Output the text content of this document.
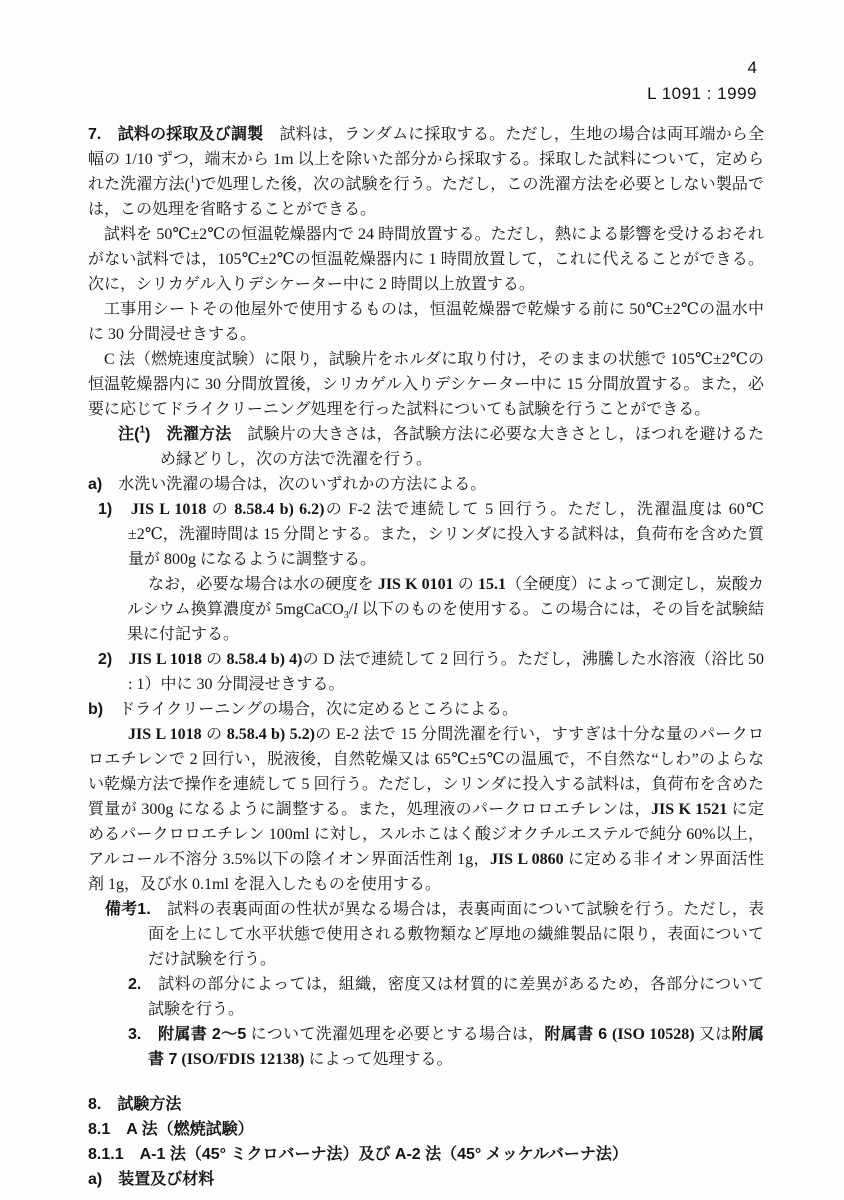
4
L 1091 : 1999

7.　試料の採取及び調製　試料は，ランダムに採取する。ただし，生地の場合は両耳端から全幅の 1/10 ずつ，端末から 1m 以上を除いた部分から採取する。採取した試料について，定められた洗濯方法($^1$)で処理した後，次の試験を行う。ただし，この洗濯方法を必要としない製品では，この処理を省略することができる。

試料を 50℃±2℃の恒温乾燥器内で 24 時間放置する。ただし，熱による影響を受けるおそれがない試料では，105℃±2℃の恒温乾燥器内に 1 時間放置して，これに代えることができる。次に，シリカゲル入りデシケーター中に 2 時間以上放置する。

工事用シートその他屋外で使用するものは，恒温乾燥器で乾燥する前に 50℃±2℃の温水中に 30 分間浸せきする。

C 法（燃焼速度試験）に限り，試験片をホルダに取り付け，そのままの状態で 105℃±2℃の恒温乾燥器内に 30 分間放置後，シリカゲル入りデシケーター中に 15 分間放置する。また，必要に応じてドライクリーニング処理を行った試料についても試験を行うことができる。

注($^1$)　 洗濯方法　試験片の大きさは，各試験方法に必要な大きさとし，ほつれを避けるため縁どりし，次の方法で洗濯を行う。

a)　水洗い洗濯の場合は，次のいずれかの方法による。

1)　 JIS L 1018 の 8.58.4 b) 6.2)の F-2 法で連続して 5 回行う。ただし，洗濯温度は 60℃±2℃，洗濯時間は 15 分間とする。また，シリンダに投入する試料は，負荷布を含めた質量が 800g になるように調整する。

なお，必要な場合は水の硬度を JIS K 0101 の 15.1（全硬度）によって測定し，炭酸カルシウム換算濃度が 5mgCaCO$_3$/l 以下のものを使用する。この場合には，その旨を試験結果に付記する。

2)　 JIS L 1018 の 8.58.4 b) 4)の D 法で連続して 2 回行う。ただし，沸騰した水溶液（浴比 50 : 1）中に 30 分間浸せきする。

b)　ドライクリーニングの場合，次に定めるところによる。

JIS L 1018 の 8.58.4 b) 5.2)の E-2 法で 15 分間洗濯を行い，すすぎは十分な量のパークロロエチレンで 2 回行い，脱液後，自然乾燥又は 65℃±5℃の温風で，不自然な“しわ”のよらない乾燥方法で操作を連続して 5 回行う。ただし，シリンダに投入する試料は，負荷布を含めた質量が 300g になるように調整する。また，処理液のパークロロエチレンは，JIS K 1521 に定めるパークロロエチレン 100ml に対し，スルホこはく酸ジオクチルエステルで純分 60%以上，アルコール不溶分 3.5%以下の陰イオン界面活性剤 1g，JIS L 0860 に定める非イオン界面活性剤 1g，及び水 0.1ml を混入したものを使用する。

備考1.　試料の表裏両面の性状が異なる場合は，表裏両面について試験を行う。ただし，表面を上にして水平状態で使用される敷物類など厚地の繊維製品に限り，表面についてだけ試験を行う。

2.　試料の部分によっては，組織，密度又は材質的に差異があるため，各部分について試験を行う。

3.　 附属書 2～5 について洗濯処理を必要とする場合は，附属書 6 (ISO 10528) 又は附属書 7 (ISO/FDIS 12138) によって処理する。

8.　試験方法

8.1　A 法（燃焼試験）

8.1.1　A-1 法（45° ミクロバーナ法）及び A-2 法（45° メッケルバーナ法）

a)　装置及び材料
